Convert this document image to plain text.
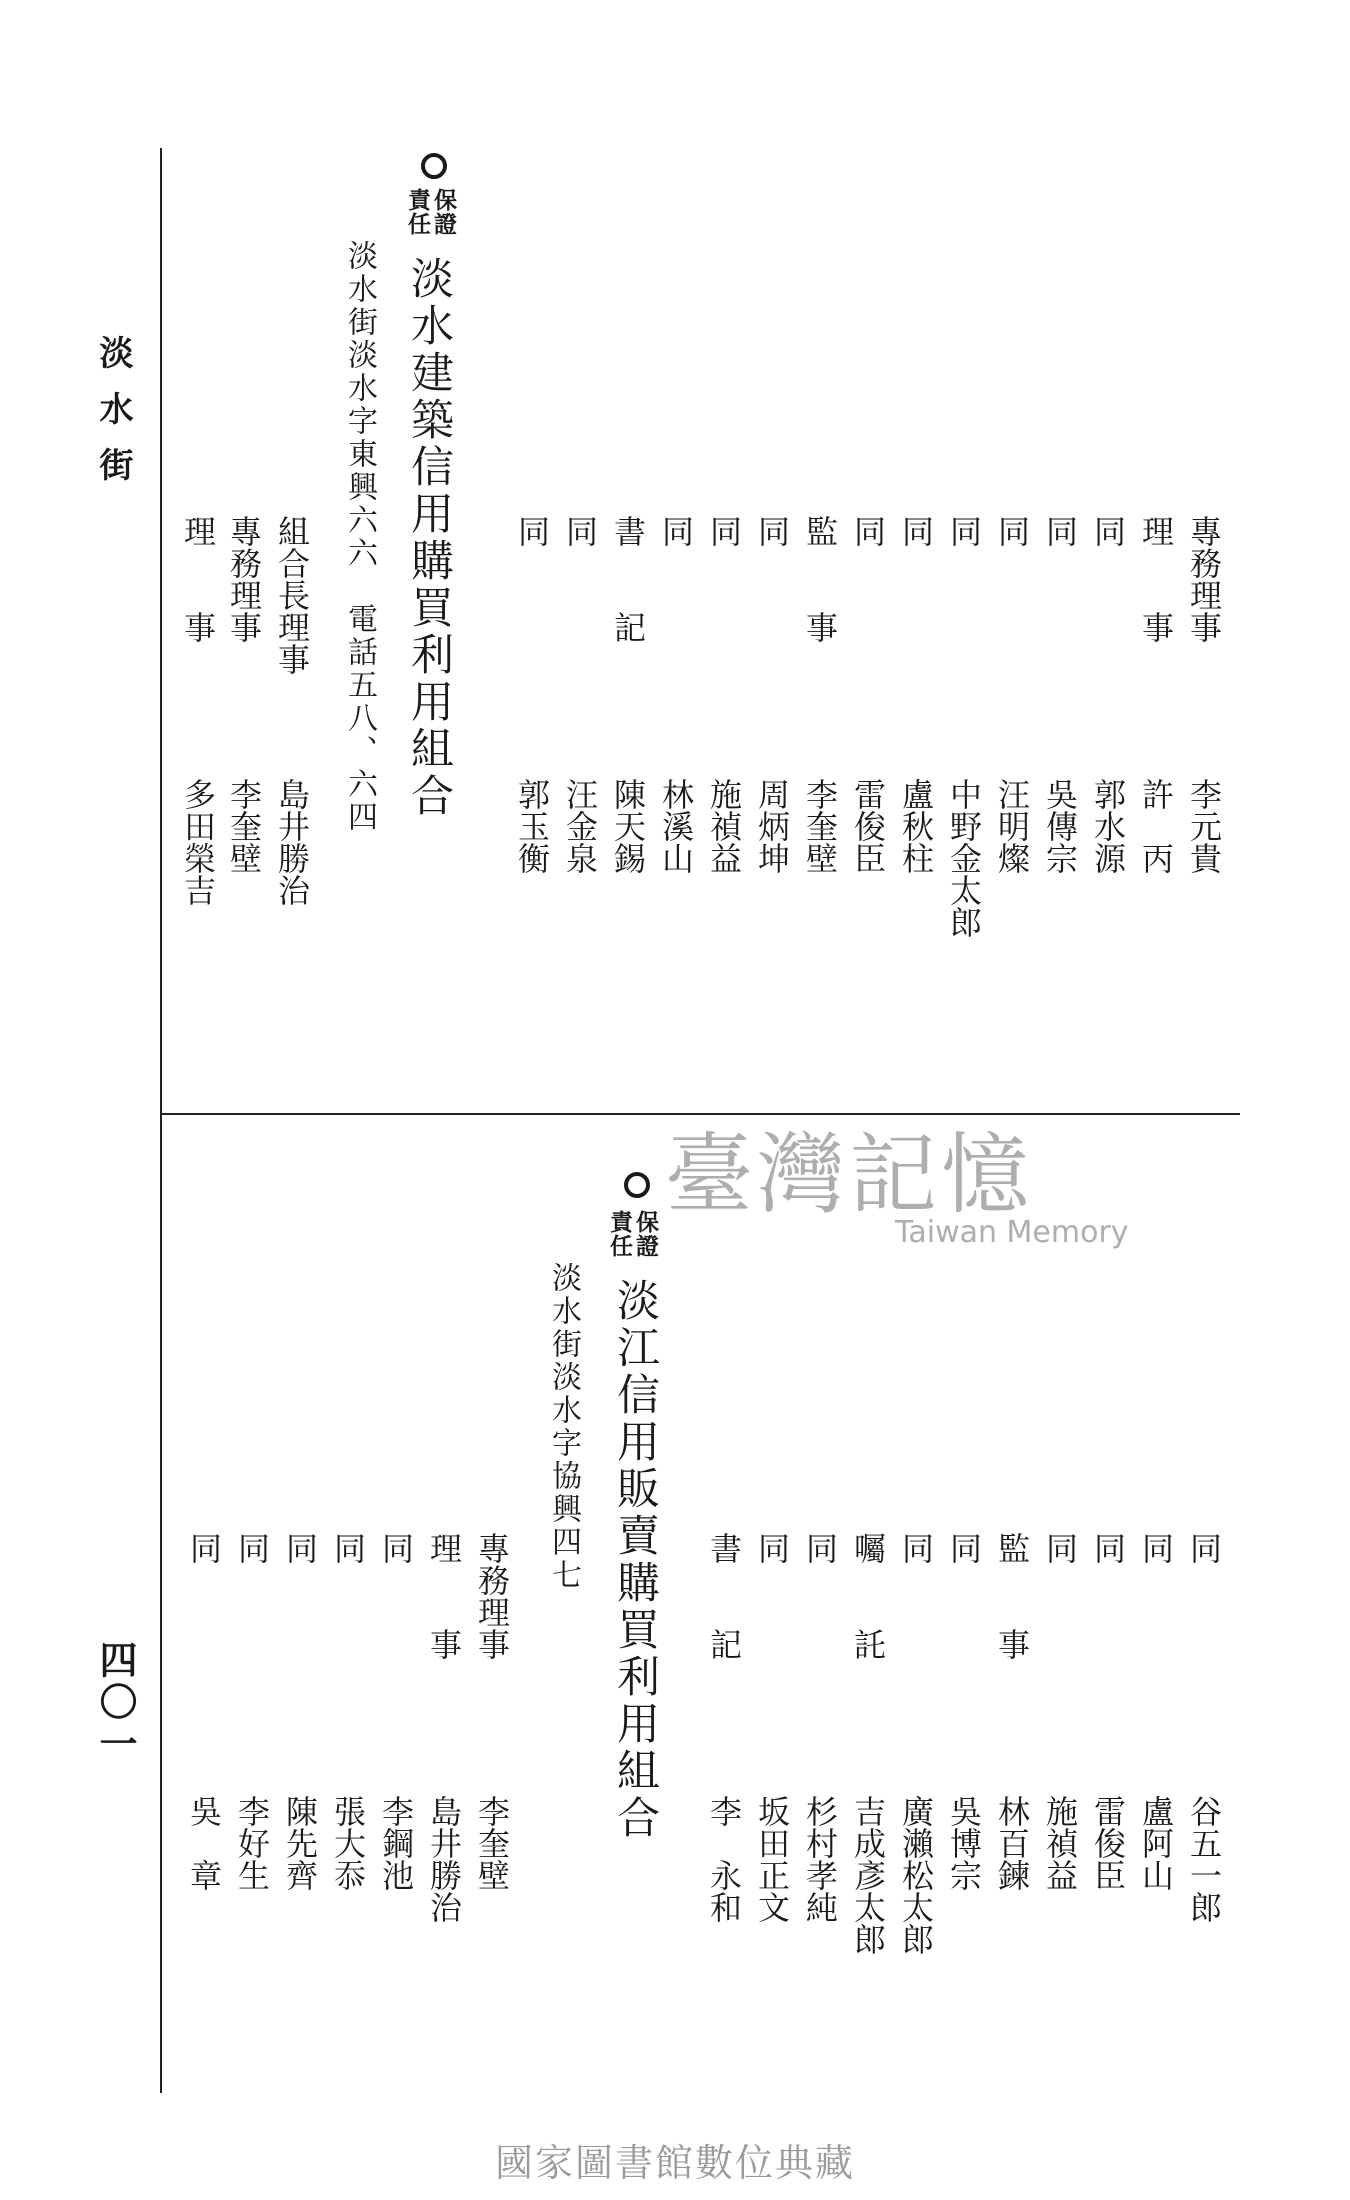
淡水街
四〇一
保證
責任
淡水建築信用購買利用組合
淡水街淡水字東興六六　電話五八、六四
組合長理事
島井勝治
專務理事
李奎壁
理　　事
多田榮吉
專務理事
李元貴
理　　事
許　丙
同
郭水源
同
吳傳宗
同
汪明燦
同
中野金太郎
同
盧秋柱
同
雷俊臣
監　　事
李奎壁
同
周炳坤
同
施禎益
同
林溪山
書　　記
陳天錫
同
汪金泉
同
郭玉衡
保證
責任
淡江信用販賣購買利用組合
淡水街淡水字協興四七
專務理事
李奎壁
理　　事
島井勝治
同
李鋼池
同
張大忝
同
陳先齊
同
李好生
同
吳　章
同
谷五一郎
同
盧阿山
同
雷俊臣
同
施禎益
監　　事
林百鍊
同
吳博宗
同
廣瀨松太郎
囑　　託
吉成彥太郎
同
杉村孝純
同
坂田正文
書　　記
李　永和
臺灣記憶
Taiwan Memory
國家圖書館數位典藏
